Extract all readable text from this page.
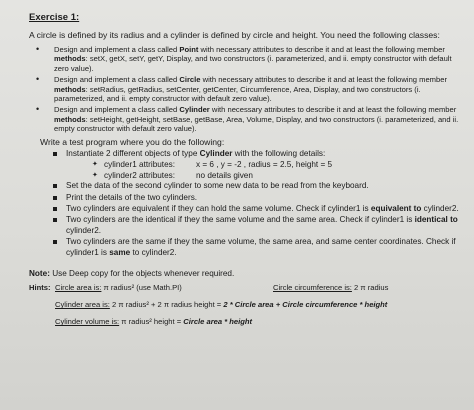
Exercise 1:
A circle is defined by its radius and a cylinder is defined by circle and height. You need the following classes:
• Design and implement a class called Point with necessary attributes to describe it and at least the following member methods: setX, getX, setY, getY, Display, and two constructors (i. parameterized, and ii. empty constructor with default zero value).
• Design and implement a class called Circle with necessary attributes to describe it and at least the following member methods: setRadius, getRadius, setCenter, getCenter, Circumference, Area, Display, and two constructors (i. parameterized, and ii. empty constructor with default zero value).
• Design and implement a class called Cylinder with necessary attributes to describe it and at least the following member methods: setHeight, getHeight, setBase, getBase, Area, Volume, Display, and two constructors (i. parameterized, and ii. empty constructor with default zero value).
Write a test program where you do the following:
Instantiate 2 different objects of type Cylinder with the following details:
✦ cylinder1 attributes:	x = 6 , y = -2 , radius = 2.5, height = 5
✦ cylinder2 attributes:	no details given
Set the data of the second cylinder to some new data to be read from the keyboard.
Print the details of the two cylinders.
Two cylinders are equivalent if they can hold the same volume. Check if cylinder1 is equivalent to cylinder2.
Two cylinders are the identical if they the same volume and the same area. Check if cylinder1 is identical to cylinder2.
Two cylinders are the same if they the same volume, the same area, and same center coordinates. Check if cylinder1 is same to cylinder2.
Note: Use Deep copy for the objects whenever required.
Hints: Circle area is: π radius² (use Math.PI)	Circle circumference is: 2 π radius
Cylinder area is: 2 π radius² + 2 π radius height = 2 * Circle area + Circle circumference * height
Cylinder volume is: π radius² height = Circle area * height
